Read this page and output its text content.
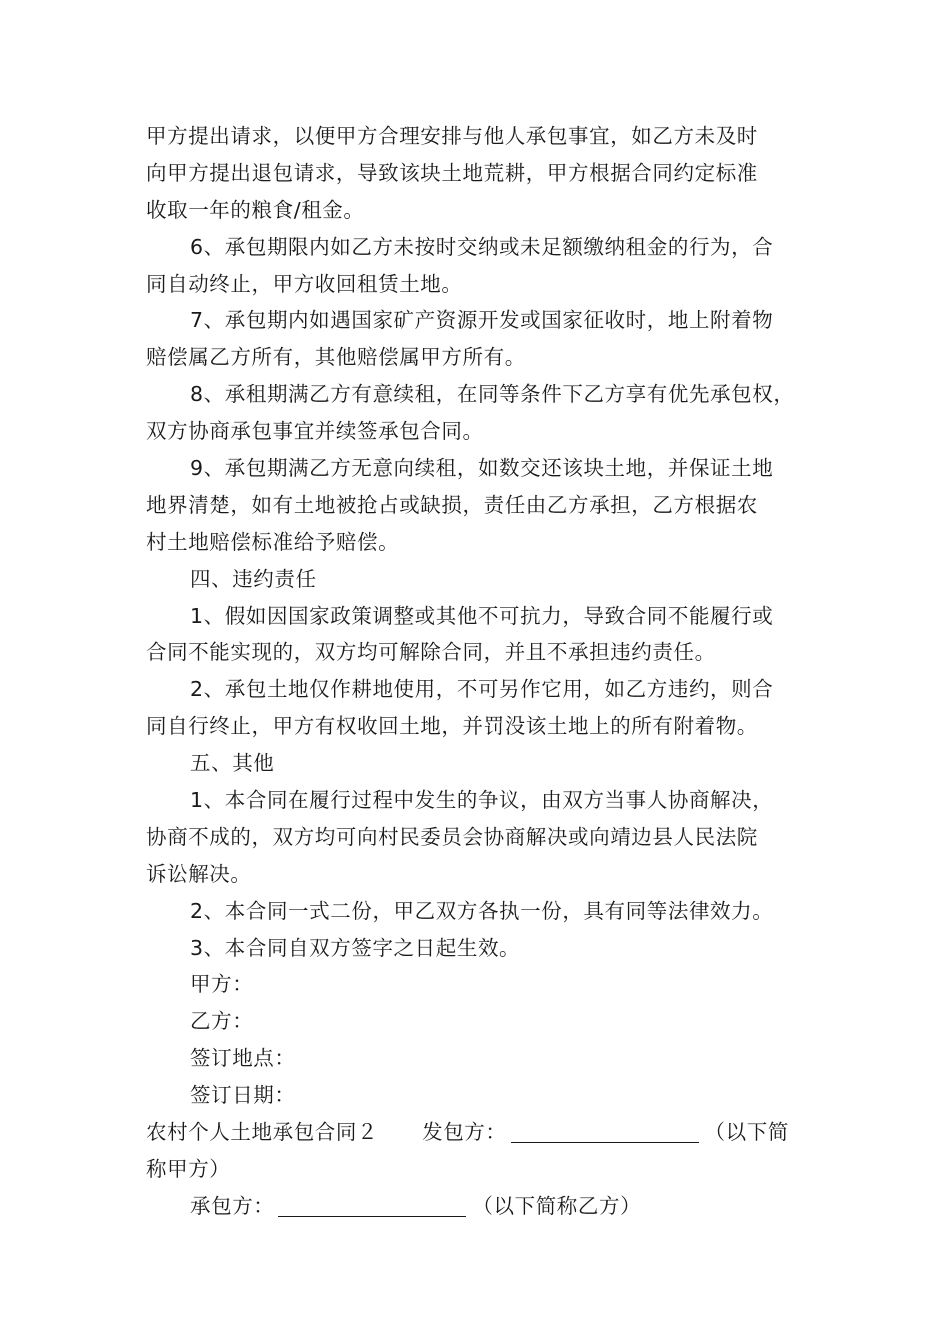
甲方提出请求，以便甲方合理安排与他人承包事宜，如乙方未及时
向甲方提出退包请求，导致该块土地荒耕，甲方根据合同约定标准
收取一年的粮食/租金。
6、承包期限内如乙方未按时交纳或未足额缴纳租金的行为，合
同自动终止，甲方收回租赁土地。
7、承包期内如遇国家矿产资源开发或国家征收时，地上附着物
赔偿属乙方所有，其他赔偿属甲方所有。
8、承租期满乙方有意续租，在同等条件下乙方享有优先承包权，
双方协商承包事宜并续签承包合同。
9、承包期满乙方无意向续租，如数交还该块土地，并保证土地
地界清楚，如有土地被抢占或缺损，责任由乙方承担，乙方根据农
村土地赔偿标准给予赔偿。
四、违约责任
1、假如因国家政策调整或其他不可抗力，导致合同不能履行或
合同不能实现的，双方均可解除合同，并且不承担违约责任。
2、承包土地仅作耕地使用，不可另作它用，如乙方违约，则合
同自行终止，甲方有权收回土地，并罚没该土地上的所有附着物。
五、其他
1、本合同在履行过程中发生的争议，由双方当事人协商解决，
协商不成的，双方均可向村民委员会协商解决或向靖边县人民法院
诉讼解决。
2、本合同一式二份，甲乙双方各执一份，具有同等法律效力。
3、本合同自双方签字之日起生效。
甲方：
乙方：
签订地点：
签订日期：
农村个人土地承包合同２ 发包方：	（以下简
称甲方）
承包方：	（以下简称乙方）
